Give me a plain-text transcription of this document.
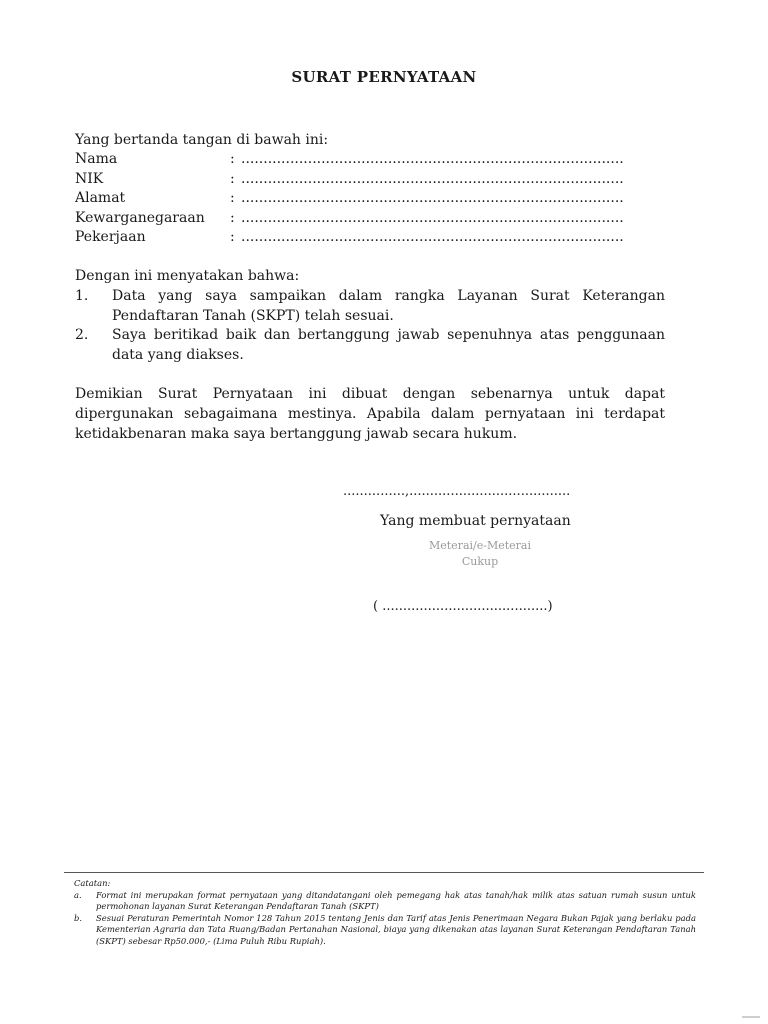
SURAT PERNYATAAN
Yang bertanda tangan di bawah ini:
Nama	: ......................................................................................
NIK	: ......................................................................................
Alamat	: ......................................................................................
Kewarganegaraan : ......................................................................................
Pekerjaan	: ......................................................................................
Dengan ini menyatakan bahwa:
1. Data yang saya sampaikan dalam rangka Layanan Surat Keterangan Pendaftaran Tanah (SKPT) telah sesuai.
2. Saya beritikad baik dan bertanggung jawab sepenuhnya atas penggunaan data yang diakses.
Demikian Surat Pernyataan ini dibuat dengan sebenarnya untuk dapat dipergunakan sebagaimana mestinya. Apabila dalam pernyataan ini terdapat ketidakbenaran maka saya bertanggung jawab secara hukum.
...............,.......................................
Yang membuat pernyataan
Meterai/e-Meterai
Cukup
( ........................................)
Catatan:
a. Format ini merupakan format pernyataan yang ditandatangani oleh pemegang hak atas tanah/hak milik atas satuan rumah susun untuk permohonan layanan Surat Keterangan Pendaftaran Tanah (SKPT)
b. Sesuai Peraturan Pemerintah Nomor 128 Tahun 2015 tentang Jenis dan Tarif atas Jenis Penerimaan Negara Bukan Pajak yang berlaku pada Kementerian Agraria dan Tata Ruang/Badan Pertanahan Nasional, biaya yang dikenakan atas layanan Surat Keterangan Pendaftaran Tanah (SKPT) sebesar Rp50.000,- (Lima Puluh Ribu Rupiah).
